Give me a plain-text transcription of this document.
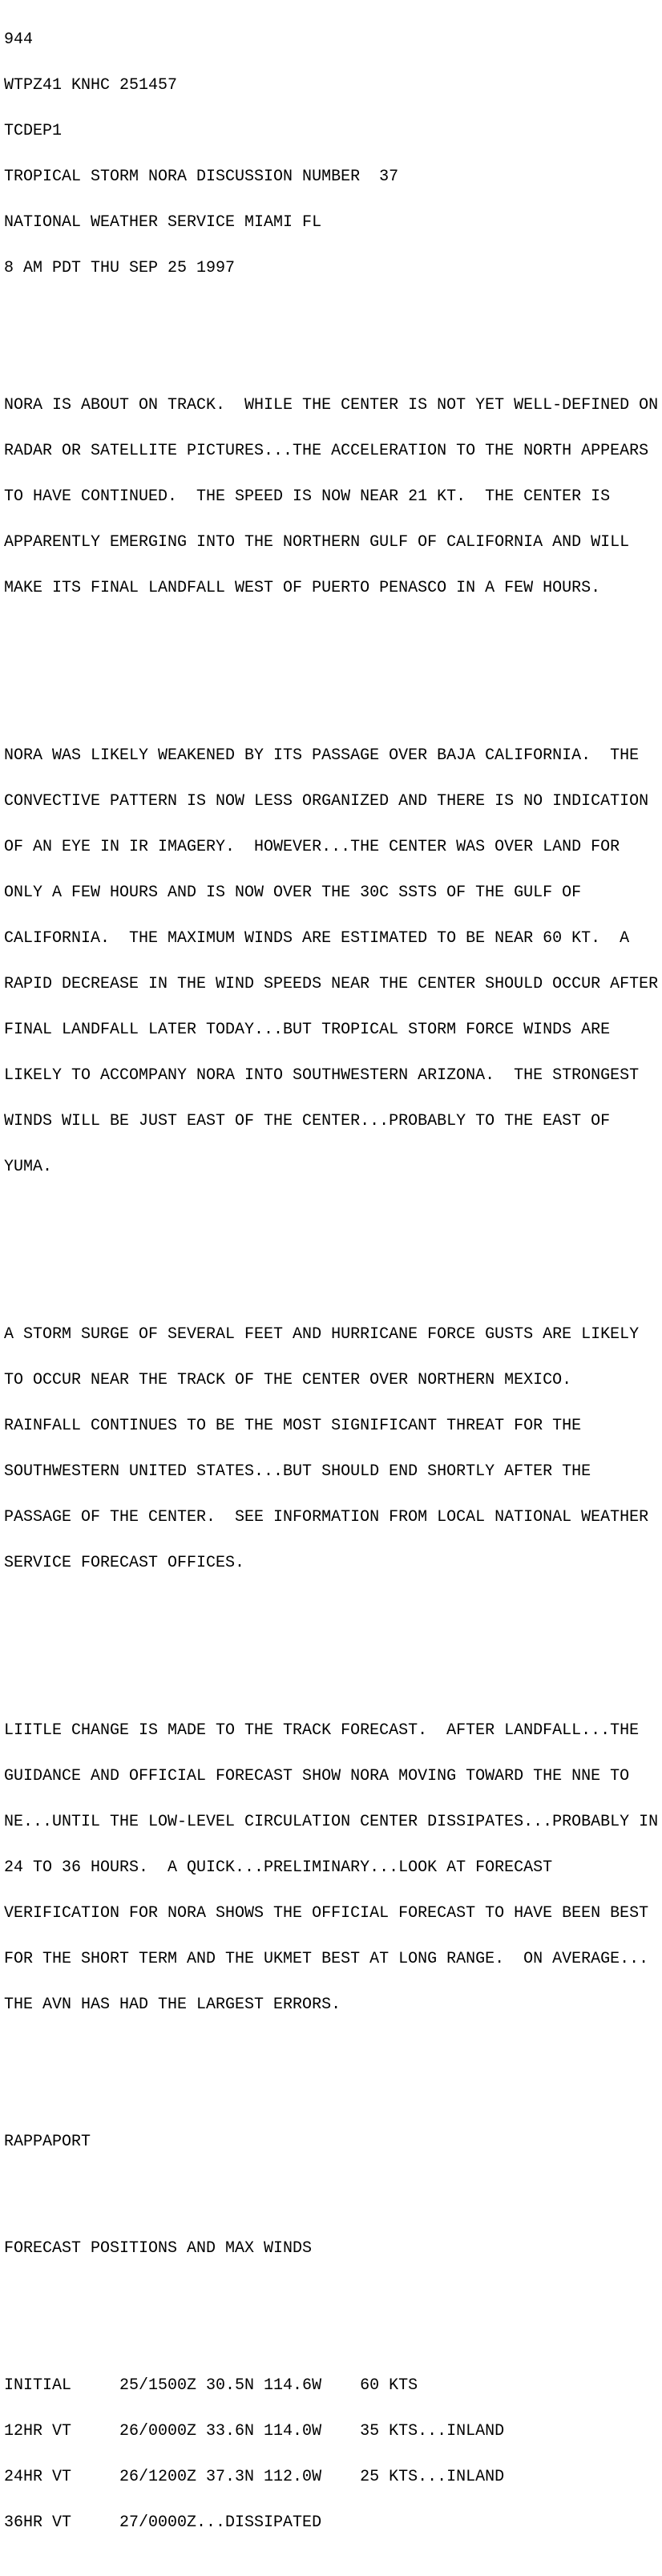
944

WTPZ41 KNHC 251457

TCDEP1

TROPICAL STORM NORA DISCUSSION NUMBER  37

NATIONAL WEATHER SERVICE MIAMI FL

8 AM PDT THU SEP 25 1997

NORA IS ABOUT ON TRACK.  WHILE THE CENTER IS NOT YET WELL-DEFINED ON

RADAR OR SATELLITE PICTURES...THE ACCELERATION TO THE NORTH APPEARS

TO HAVE CONTINUED.  THE SPEED IS NOW NEAR 21 KT.  THE CENTER IS

APPARENTLY EMERGING INTO THE NORTHERN GULF OF CALIFORNIA AND WILL

MAKE ITS FINAL LANDFALL WEST OF PUERTO PENASCO IN A FEW HOURS.

NORA WAS LIKELY WEAKENED BY ITS PASSAGE OVER BAJA CALIFORNIA.  THE

CONVECTIVE PATTERN IS NOW LESS ORGANIZED AND THERE IS NO INDICATION

OF AN EYE IN IR IMAGERY.  HOWEVER...THE CENTER WAS OVER LAND FOR

ONLY A FEW HOURS AND IS NOW OVER THE 30C SSTS OF THE GULF OF

CALIFORNIA.  THE MAXIMUM WINDS ARE ESTIMATED TO BE NEAR 60 KT.  A

RAPID DECREASE IN THE WIND SPEEDS NEAR THE CENTER SHOULD OCCUR AFTER

FINAL LANDFALL LATER TODAY...BUT TROPICAL STORM FORCE WINDS ARE

LIKELY TO ACCOMPANY NORA INTO SOUTHWESTERN ARIZONA.  THE STRONGEST

WINDS WILL BE JUST EAST OF THE CENTER...PROBABLY TO THE EAST OF

YUMA.

A STORM SURGE OF SEVERAL FEET AND HURRICANE FORCE GUSTS ARE LIKELY

TO OCCUR NEAR THE TRACK OF THE CENTER OVER NORTHERN MEXICO.

RAINFALL CONTINUES TO BE THE MOST SIGNIFICANT THREAT FOR THE

SOUTHWESTERN UNITED STATES...BUT SHOULD END SHORTLY AFTER THE

PASSAGE OF THE CENTER.  SEE INFORMATION FROM LOCAL NATIONAL WEATHER

SERVICE FORECAST OFFICES.

LIITLE CHANGE IS MADE TO THE TRACK FORECAST.  AFTER LANDFALL...THE

GUIDANCE AND OFFICIAL FORECAST SHOW NORA MOVING TOWARD THE NNE TO

NE...UNTIL THE LOW-LEVEL CIRCULATION CENTER DISSIPATES...PROBABLY IN

24 TO 36 HOURS.  A QUICK...PRELIMINARY...LOOK AT FORECAST

VERIFICATION FOR NORA SHOWS THE OFFICIAL FORECAST TO HAVE BEEN BEST

FOR THE SHORT TERM AND THE UKMET BEST AT LONG RANGE.  ON AVERAGE...

THE AVN HAS HAD THE LARGEST ERRORS.

RAPPAPORT

FORECAST POSITIONS AND MAX WINDS

INITIAL     25/1500Z 30.5N 114.6W    60 KTS

12HR VT     26/0000Z 33.6N 114.0W    35 KTS...INLAND

24HR VT     26/1200Z 37.3N 112.0W    25 KTS...INLAND

36HR VT     27/0000Z...DISSIPATED
